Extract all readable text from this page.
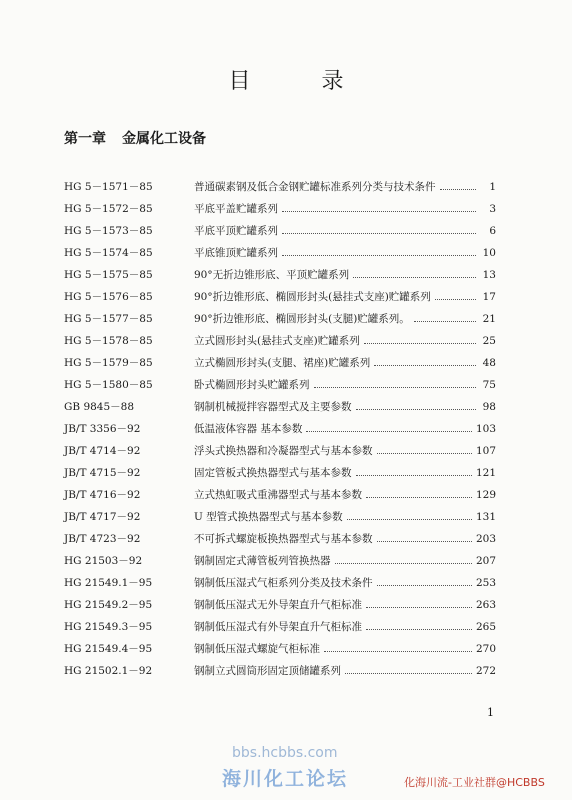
目 录
第一章 金属化工设备
HG 5－1571－85	普通碳素钢及低合金钢贮罐标准系列分类与技术条件	1
HG 5－1572－85	平底平盖贮罐系列	3
HG 5－1573－85	平底平顶贮罐系列	6
HG 5－1574－85	平底锥顶贮罐系列	10
HG 5－1575－85	90°无折边锥形底、平顶贮罐系列	13
HG 5－1576－85	90°折边锥形底、椭圆形封头(悬挂式支座)贮罐系列	17
HG 5－1577－85	90°折边锥形底、椭圆形封头(支腿)贮罐系列。	21
HG 5－1578－85	立式圆形封头(悬挂式支座)贮罐系列	25
HG 5－1579－85	立式椭圆形封头(支腿、裙座)贮罐系列	48
HG 5－1580－85	卧式椭圆形封头贮罐系列	75
GB 9845－88	钢制机械搅拌容器型式及主要参数	98
JB/T 3356－92	低温液体容器 基本参数	103
JB/T 4714－92	浮头式换热器和冷凝器型式与基本参数	107
JB/T 4715－92	固定管板式换热器型式与基本参数	121
JB/T 4716－92	立式热虹吸式重沸器型式与基本参数	129
JB/T 4717－92	U 型管式换热器型式与基本参数	131
JB/T 4723－92	不可拆式螺旋板换热器型式与基本参数	203
HG 21503－92	钢制固定式薄管板列管换热器	207
HG 21549.1－95	钢制低压湿式气柜系列分类及技术条件	253
HG 21549.2－95	钢制低压湿式无外导架直升气柜标准	263
HG 21549.3－95	钢制低压湿式有外导架直升气柜标准	265
HG 21549.4－95	钢制低压湿式螺旋气柜标准	270
HG 21502.1－92	钢制立式圆筒形固定顶储罐系列	272
1
bbs.hcbbs.com
海川化工论坛	化海川流-工业社群@HCBBS
